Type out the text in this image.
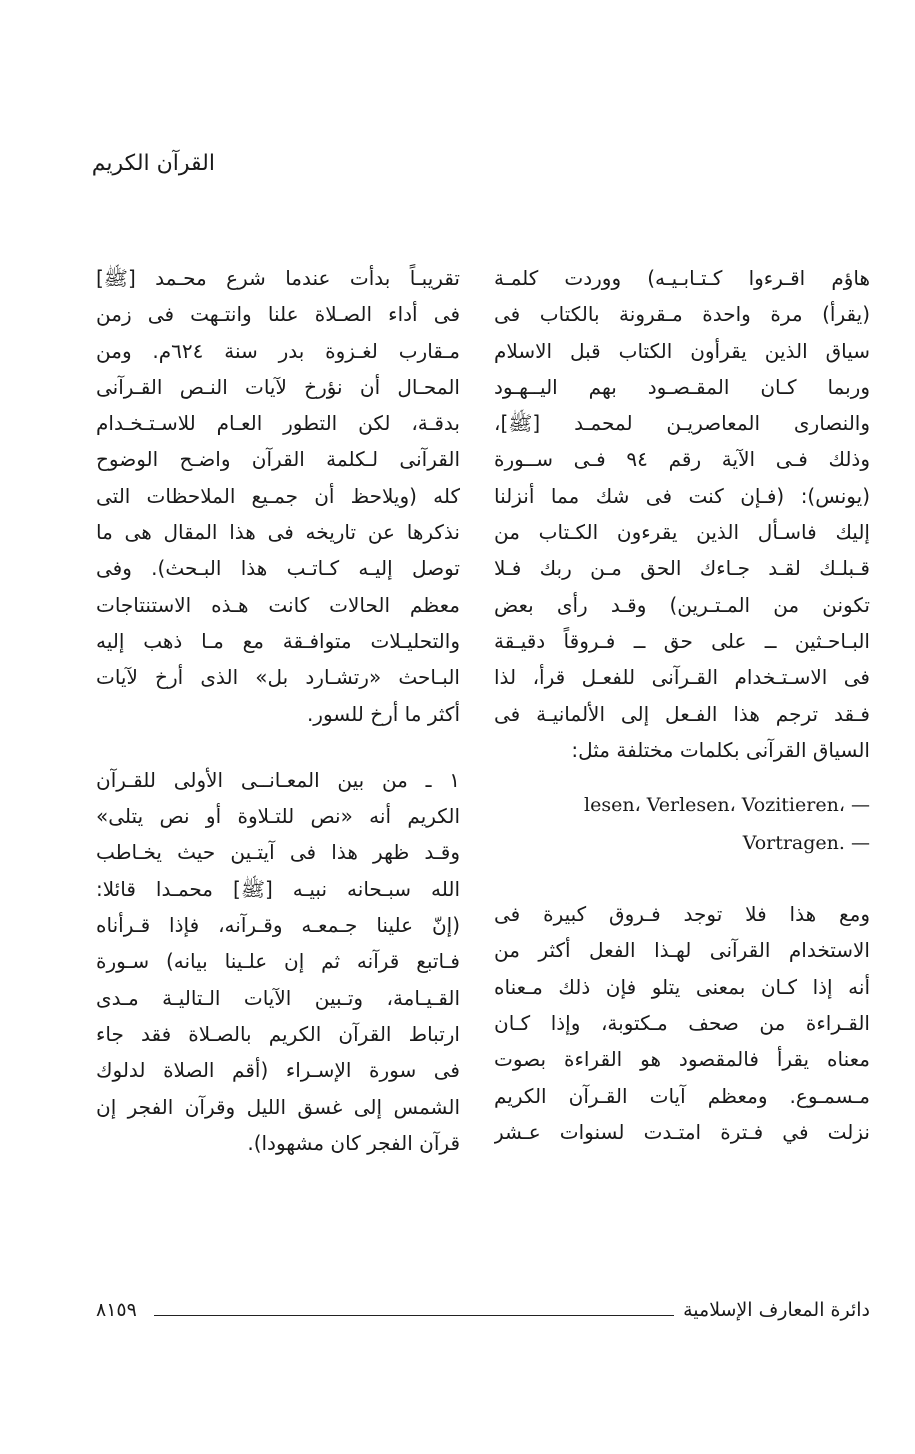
القرآن الكريم
هاؤم اقـرءوا كـتـابـيـه) ووردت كلمـة
(يقرأ) مرة واحدة مـقرونة بالكتاب فى
سياق الذين يقرأون الكتاب قبل الاسلام
وربما كـان المقـصـود بهم اليــهـود
والنصارى المعاصريـن لمحمـد [ﷺ]،
وذلك فـى الآية رقم ٩٤ فـى ســورة
(يونس): (فـإن كنت فى شك مما أنزلنا
إليك فاسـأل الذين يقرءون الكـتاب من
قـبلـك لقـد جـاءك الحق مـن ربك فـلا
تكونن من المـتـرين) وقـد رأى بعض
البـاحـثين ــ على حق ــ فـروقاً دقيـقة
فى الاسـتـخدام القـرآنى للفعـل قرأ، لذا
فـقد ترجم هذا الفـعل إلى الألمانيـة فى
السياق القرآنى بكلمات مختلفة مثل:
lesen، Verlesen، Vozitieren، —
Vortragen. —
ومع هذا فلا توجد فـروق كبيرة فى
الاستخدام القرآنى لهـذا الفعل أكثر من
أنه إذا كـان بمعنى يتلو فإن ذلك مـعناه
القـراءة من صحف مـكتوبة، وإذا كـان
معناه يقرأ فالمقصود هو القراءة بصوت
مـسمـوع. ومعظم آيات القـرآن الكريم
نزلت في فـترة امتـدت لسنوات عـشر
تقريبـاً بدأت عندما شرع محـمد [ﷺ]
فى أداء الصـلاة علنا وانتـهت فى زمن
مـقارب لغـزوة بدر سنة ٦٢٤م. ومن
المحـال أن نؤرخ لآيات النـص القـرآنى
بدقـة، لكن التطور العـام للاسـتـخـدام
القرآنى لـكلمة القرآن واضـح الوضوح
كله (ويلاحظ أن جمـيع الملاحظات التى
نذكرها عن تاريخه فى هذا المقال هى ما
توصل إليـه كـاتـب هذا البـحث). وفى
معظم الحالات كانت هـذه الاستنتاجات
والتحليـلات متوافـقة مع مـا ذهب إليه
البـاحث «رتشـارد بل» الذى أرخ لآيات
أكثر ما أرخ للسور.
١ ـ من بين المعـانــى الأولى للقـرآن
الكريم أنه «نص للتـلاوة أو نص يتلى»
وقـد ظهر هذا فى آيتـين حيث يخـاطب
الله سبـحانه نبيـه [ﷺ] محمـدا قائلا:
(إنّ علينا جـمعـه وقـرآنه، فإذا قـرأناه
فـاتبع قرآنه ثم إن علـينا بيانه) سـورة
القـيـامة، وتـبين الآيات الـتاليـة مـدى
ارتباط القرآن الكريم بالصـلاة فقد جاء
فى سورة الإسـراء (أقم الصلاة لدلوك
الشمس إلى غسق الليل وقرآن الفجر إن
قرآن الفجر كان مشهودا).
دائرة المعارف الإسلامية
٨١٥٩
